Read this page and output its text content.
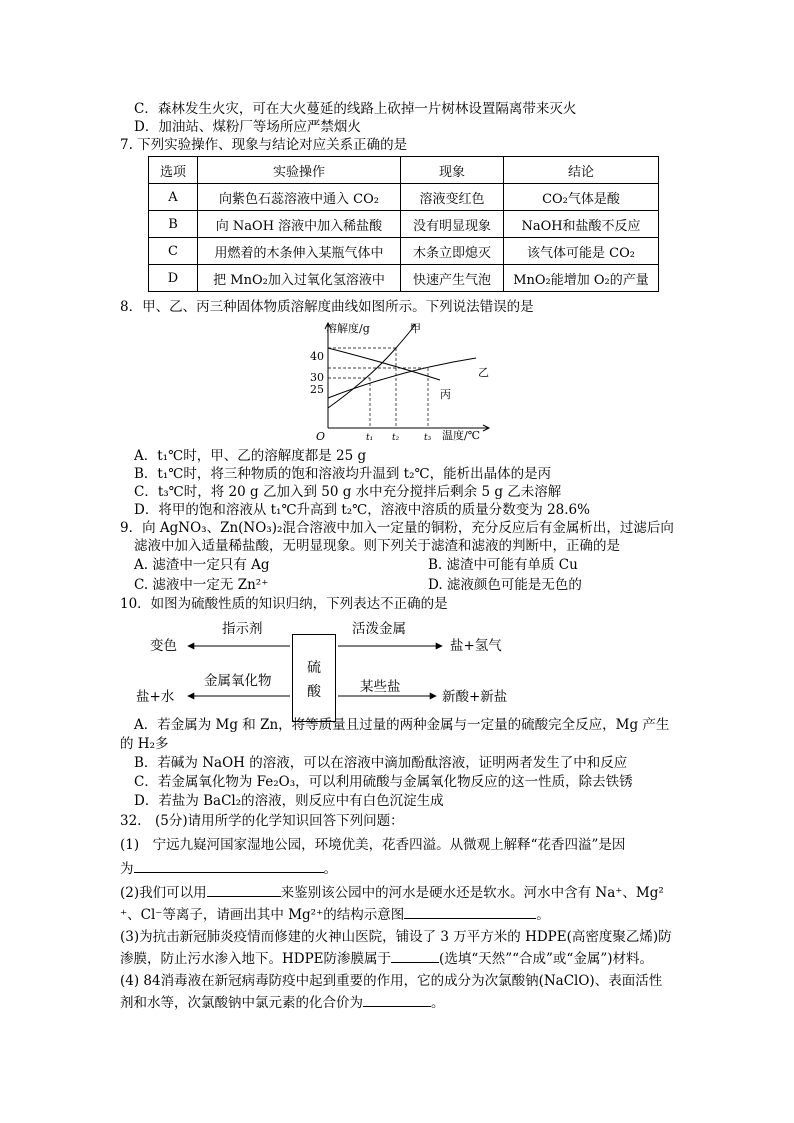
C．森林发生火灾，可在大火蔓延的线路上砍掉一片树林设置隔离带来灭火
D．加油站、煤粉厂等场所应严禁烟火
7. 下列实验操作、现象与结论对应关系正确的是
选项	实验操作	现象	结论
A	向紫色石蕊溶液中通入 CO₂	溶液变红色	CO₂气体是酸
B	向 NaOH 溶液中加入稀盐酸	没有明显现象	NaOH和盐酸不反应
C	用燃着的木条伸入某瓶气体中	木条立即熄灭	该气体可能是 CO₂
D	把 MnO₂加入过氧化氢溶液中	快速产生气泡	MnO₂能增加 O₂的产量
8．甲、乙、丙三种固体物质溶解度曲线如图所示。下列说法错误的是
溶解度/g
温度/℃
O
40
30
25
t₁ t₂	t₃
甲
乙
丙
A．t₁℃时，甲、乙的溶解度都是 25 g
B．t₁℃时，将三种物质的饱和溶液均升温到 t₂℃，能析出晶体的是丙
C．t₃℃时，将 20 g 乙加入到 50 g 水中充分搅拌后剩余 5 g 乙未溶解
D．将甲的饱和溶液从 t₁℃升高到 t₂℃，溶液中溶质的质量分数变为 28.6%
9．向 AgNO₃、Zn(NO₃)₂混合溶液中加入一定量的铜粉，充分反应后有金属析出，过滤后向
滤液中加入适量稀盐酸，无明显现象。则下列关于滤渣和滤液的判断中，正确的是
A. 滤渣中一定只有 Ag	B. 滤渣中可能有单质 Cu
C. 滤液中一定无 Zn²⁺	D. 滤液颜色可能是无色的
10．如图为硫酸性质的知识归纳，下列表达不正确的是
硫
酸
指示剂
变色
活泼金属
盐+氢气
金属氧化物
盐+水
某些盐
新酸+新盐
A．若金属为 Mg 和 Zn，将等质量且过量的两种金属与一定量的硫酸完全反应，Mg 产生
的 H₂多
B．若碱为 NaOH 的溶液，可以在溶液中滴加酚酞溶液，证明两者发生了中和反应
C．若金属氧化物为 Fe₂O₃，可以利用硫酸与金属氧化物反应的这一性质，除去铁锈
D．若盐为 BaCl₂的溶液，则反应中有白色沉淀生成
32.　(5分)请用所学的化学知识回答下列问题：
(1)　宁远九嶷河国家湿地公园，环境优美，花香四溢。从微观上解释“花香四溢”是因
为	。
(2)我们可以用	来鉴别该公园中的河水是硬水还是软水。河水中含有 Na⁺、Mg²
⁺、Cl⁻等离子，请画出其中 Mg²⁺的结构示意图	。
(3)为抗击新冠肺炎疫情而修建的火神山医院，铺设了 3 万平方米的 HDPE(高密度聚乙烯)防
渗膜，防止污水渗入地下。HDPE防渗膜属于	(选填“天然”“合成”或“金属”)材料。
(4) 84消毒液在新冠病毒防疫中起到重要的作用，它的成分为次氯酸钠(NaClO)、表面活性
剂和水等，次氯酸钠中氯元素的化合价为	。
